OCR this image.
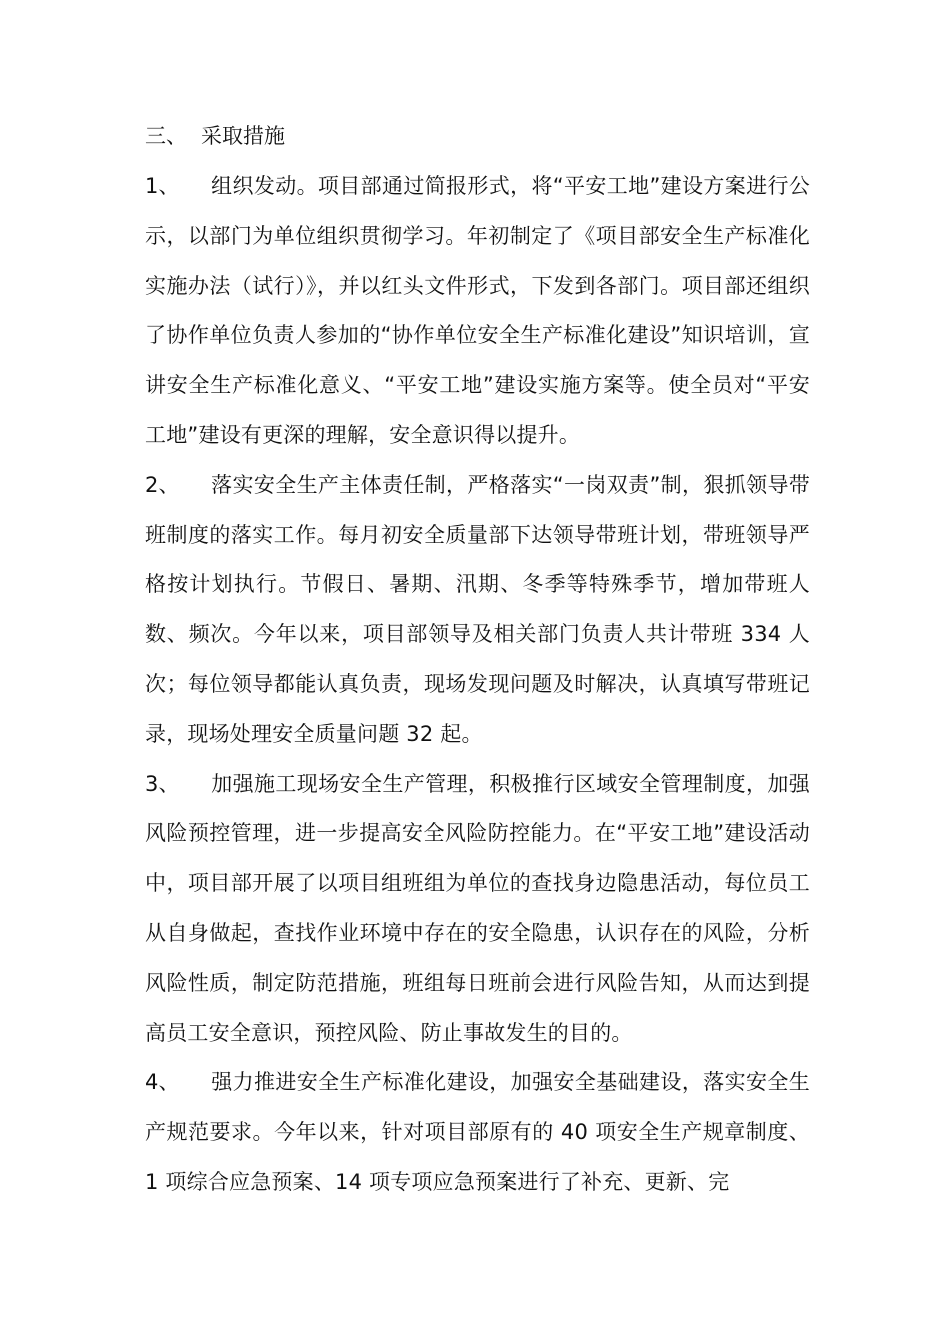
三、 采取措施

1、 组织发动。项目部通过简报形式，将“平安工地”建设方案进行公示，以部门为单位组织贯彻学习。年初制定了《项目部安全生产标准化实施办法（试行）》，并以红头文件形式，下发到各部门。项目部还组织了协作单位负责人参加的“协作单位安全生产标准化建设”知识培训，宣讲安全生产标准化意义、“平安工地”建设实施方案等。使全员对“平安工地”建设有更深的理解，安全意识得以提升。

2、 落实安全生产主体责任制，严格落实“一岗双责”制，狠抓领导带班制度的落实工作。每月初安全质量部下达领导带班计划，带班领导严格按计划执行。节假日、暑期、汛期、冬季等特殊季节，增加带班人数、频次。今年以来，项目部领导及相关部门负责人共计带班 334 人次；每位领导都能认真负责，现场发现问题及时解决，认真填写带班记录，现场处理安全质量问题 32 起。

3、 加强施工现场安全生产管理，积极推行区域安全管理制度，加强风险预控管理，进一步提高安全风险防控能力。在“平安工地”建设活动中，项目部开展了以项目组班组为单位的查找身边隐患活动，每位员工从自身做起，查找作业环境中存在的安全隐患，认识存在的风险，分析风险性质，制定防范措施，班组每日班前会进行风险告知，从而达到提高员工安全意识，预控风险、防止事故发生的目的。

4、 强力推进安全生产标准化建设，加强安全基础建设，落实安全生产规范要求。今年以来，针对项目部原有的 40 项安全生产规章制度、1 项综合应急预案、14 项专项应急预案进行了补充、更新、完
